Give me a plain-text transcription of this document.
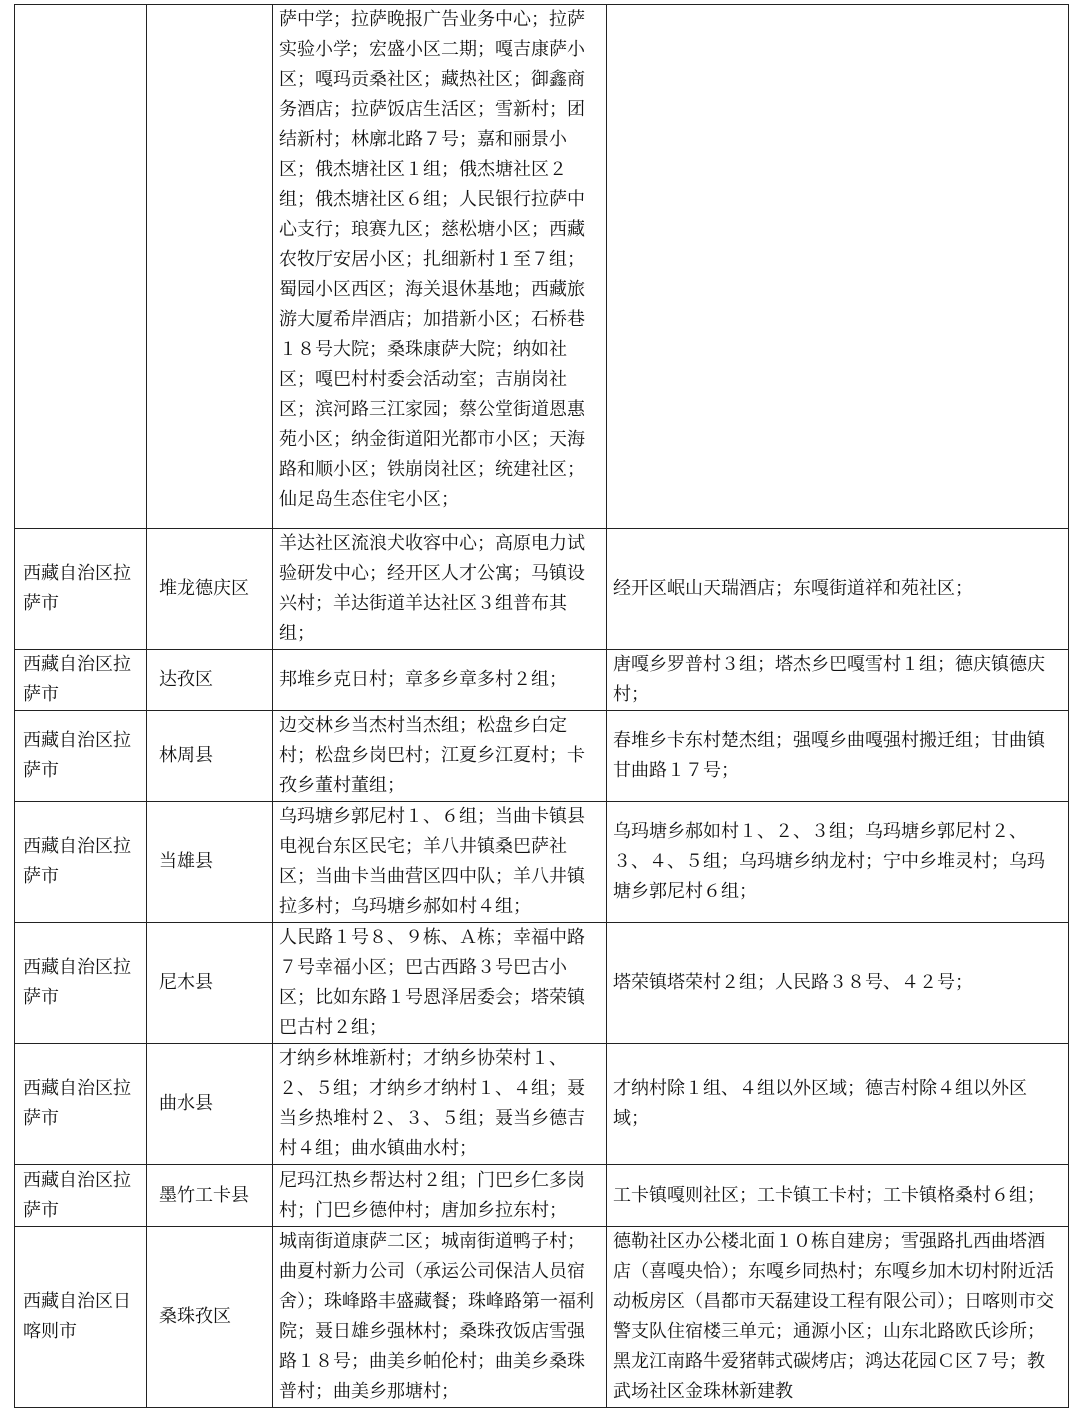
		萨中学；拉萨晚报广告业务中心；拉萨实验小学；宏盛小区二期；嘎吉康萨小区；嘎玛贡桑社区；藏热社区；御鑫商务酒店；拉萨饭店生活区；雪新村；团结新村；林廓北路７号；嘉和丽景小区；俄杰塘社区１组；俄杰塘社区２组；俄杰塘社区６组；人民银行拉萨中心支行；琅赛九区；慈松塘小区；西藏农牧厅安居小区；扎细新村１至７组；蜀园小区西区；海关退休基地；西藏旅游大厦希岸酒店；加措新小区；石桥巷１８号大院；桑珠康萨大院；纳如社区；嘎巴村村委会活动室；吉崩岗社区；滨河路三江家园；蔡公堂街道恩惠苑小区；纳金街道阳光都市小区；天海路和顺小区；铁崩岗社区；统建社区；仙足岛生态住宅小区；	
西藏自治区拉萨市	堆龙德庆区	羊达社区流浪犬收容中心；高原电力试验研发中心；经开区人才公寓；马镇设兴村；羊达街道羊达社区３组普布其组；	经开区岷山天瑞酒店；东嘎街道祥和苑社区；
西藏自治区拉萨市	达孜区	邦堆乡克日村；章多乡章多村２组；	唐嘎乡罗普村３组；塔杰乡巴嘎雪村１组；德庆镇德庆村；
西藏自治区拉萨市	林周县	边交林乡当杰村当杰组；松盘乡白定村；松盘乡岗巴村；江夏乡江夏村；卡孜乡董村董组；	春堆乡卡东村楚杰组；强嘎乡曲嘎强村搬迁组；甘曲镇甘曲路１７号；
西藏自治区拉萨市	当雄县	乌玛塘乡郭尼村１、６组；当曲卡镇县电视台东区民宅；羊八井镇桑巴萨社区；当曲卡当曲营区四中队；羊八井镇拉多村；乌玛塘乡郝如村４组；	乌玛塘乡郝如村１、２、３组；乌玛塘乡郭尼村２、３、４、５组；乌玛塘乡纳龙村；宁中乡堆灵村；乌玛塘乡郭尼村６组；
西藏自治区拉萨市	尼木县	人民路１号８、９栋、Ａ栋；幸福中路７号幸福小区；巴古西路３号巴古小区；比如东路１号恩泽居委会；塔荣镇巴古村２组；	塔荣镇塔荣村２组；人民路３８号、４２号；
西藏自治区拉萨市	曲水县	才纳乡林堆新村；才纳乡协荣村１、２、５组；才纳乡才纳村１、４组；聂当乡热堆村２、３、５组；聂当乡德吉村４组；曲水镇曲水村；	才纳村除１组、４组以外区域；德吉村除４组以外区域；
西藏自治区拉萨市	墨竹工卡县	尼玛江热乡帮达村２组；门巴乡仁多岗村；门巴乡德仲村；唐加乡拉东村；	工卡镇嘎则社区；工卡镇工卡村；工卡镇格桑村６组；
西藏自治区日喀则市	桑珠孜区	城南街道康萨二区；城南街道鸭子村；曲夏村新力公司（承运公司保洁人员宿舍）；珠峰路丰盛藏餐；珠峰路第一福利院；聂日雄乡强林村；桑珠孜饭店雪强路１８号；曲美乡帕伦村；曲美乡桑珠普村；曲美乡那塘村；	德勒社区办公楼北面１０栋自建房；雪强路扎西曲塔酒店（喜嘎央恰）；东嘎乡同热村；东嘎乡加木切村附近活动板房区（昌都市天磊建设工程有限公司）；日喀则市交警支队住宿楼三单元；通源小区；山东北路欧氏诊所；黑龙江南路牛爱猪韩式碳烤店；鸿达花园Ｃ区７号；教武场社区金珠林新建教
